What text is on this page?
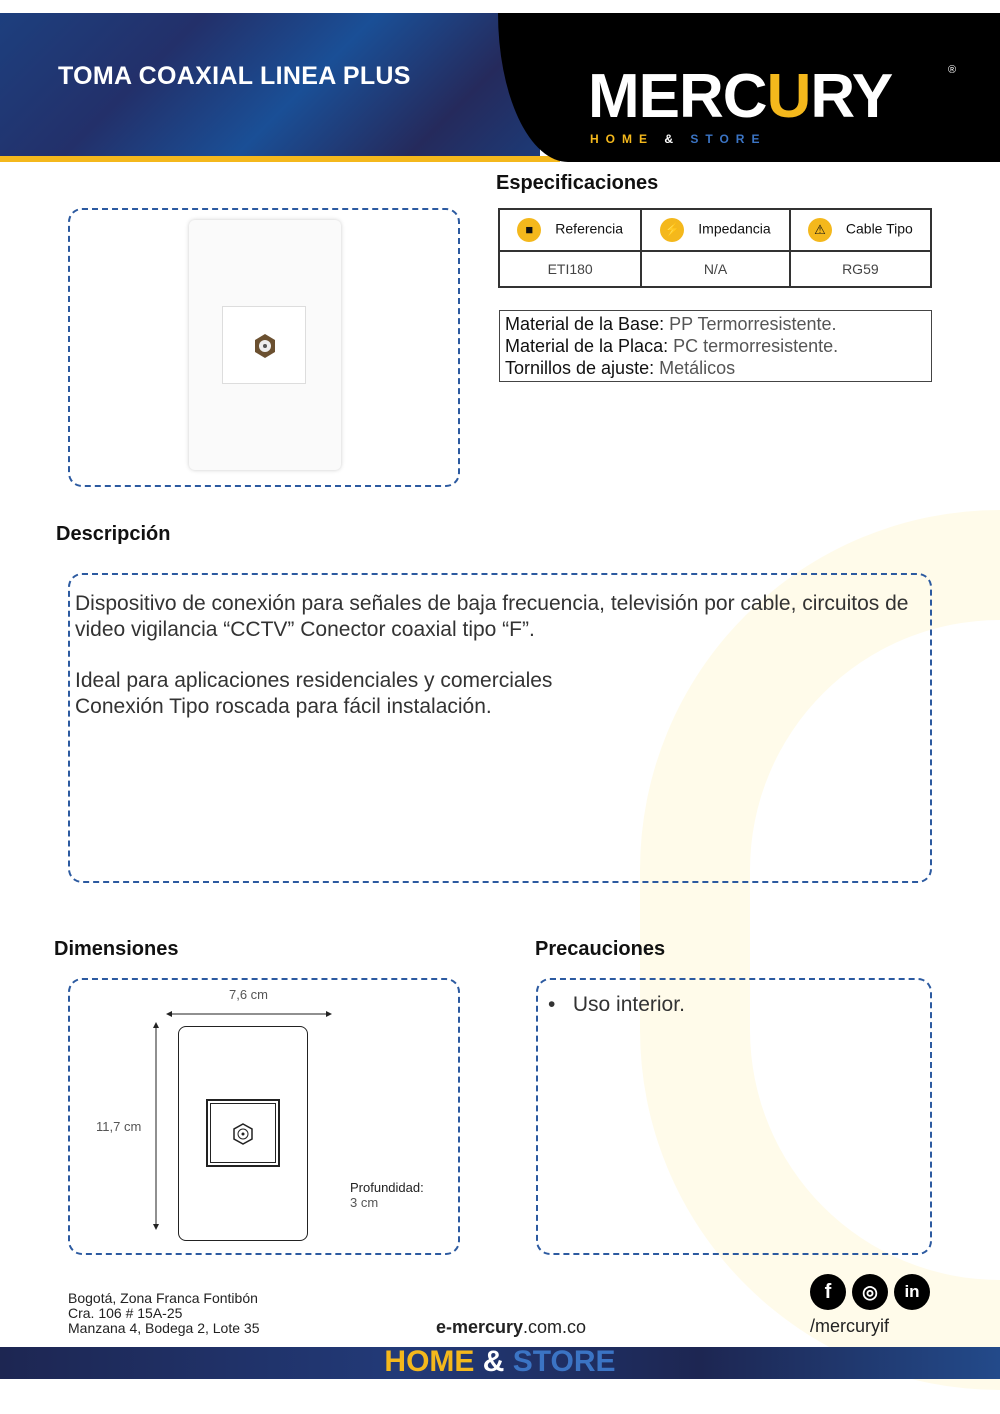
TOMA COAXIAL LINEA PLUS	MERCURY	®
HOME & STORE
Especificaciones
■ Referencia	⚡ Impedancia	⚠ Cable Tipo
ETI180	N/A	RG59
Material de la Base: PP Termorresistente.
Material de la Placa: PC termorresistente.
Tornillos de ajuste: Metálicos
Descripción

Dispositivo de conexión para señales de baja frecuencia, televisión por cable, circuitos de video vigilancia “CCTV” Conector coaxial tipo “F”.

Ideal para aplicaciones residenciales y comerciales Conexión Tipo roscada para fácil instalación.

Dimensiones	Precauciones
7,6 cm
11,7 cm
Profundidad:
3 cm
•   Uso interior.
Bogotá, Zona Franca Fontibón
Cra. 106 # 15A-25
Manzana 4, Bodega 2, Lote 35	e-mercury.com.co
f	◎	in
/mercuryif
HOME & STORE
